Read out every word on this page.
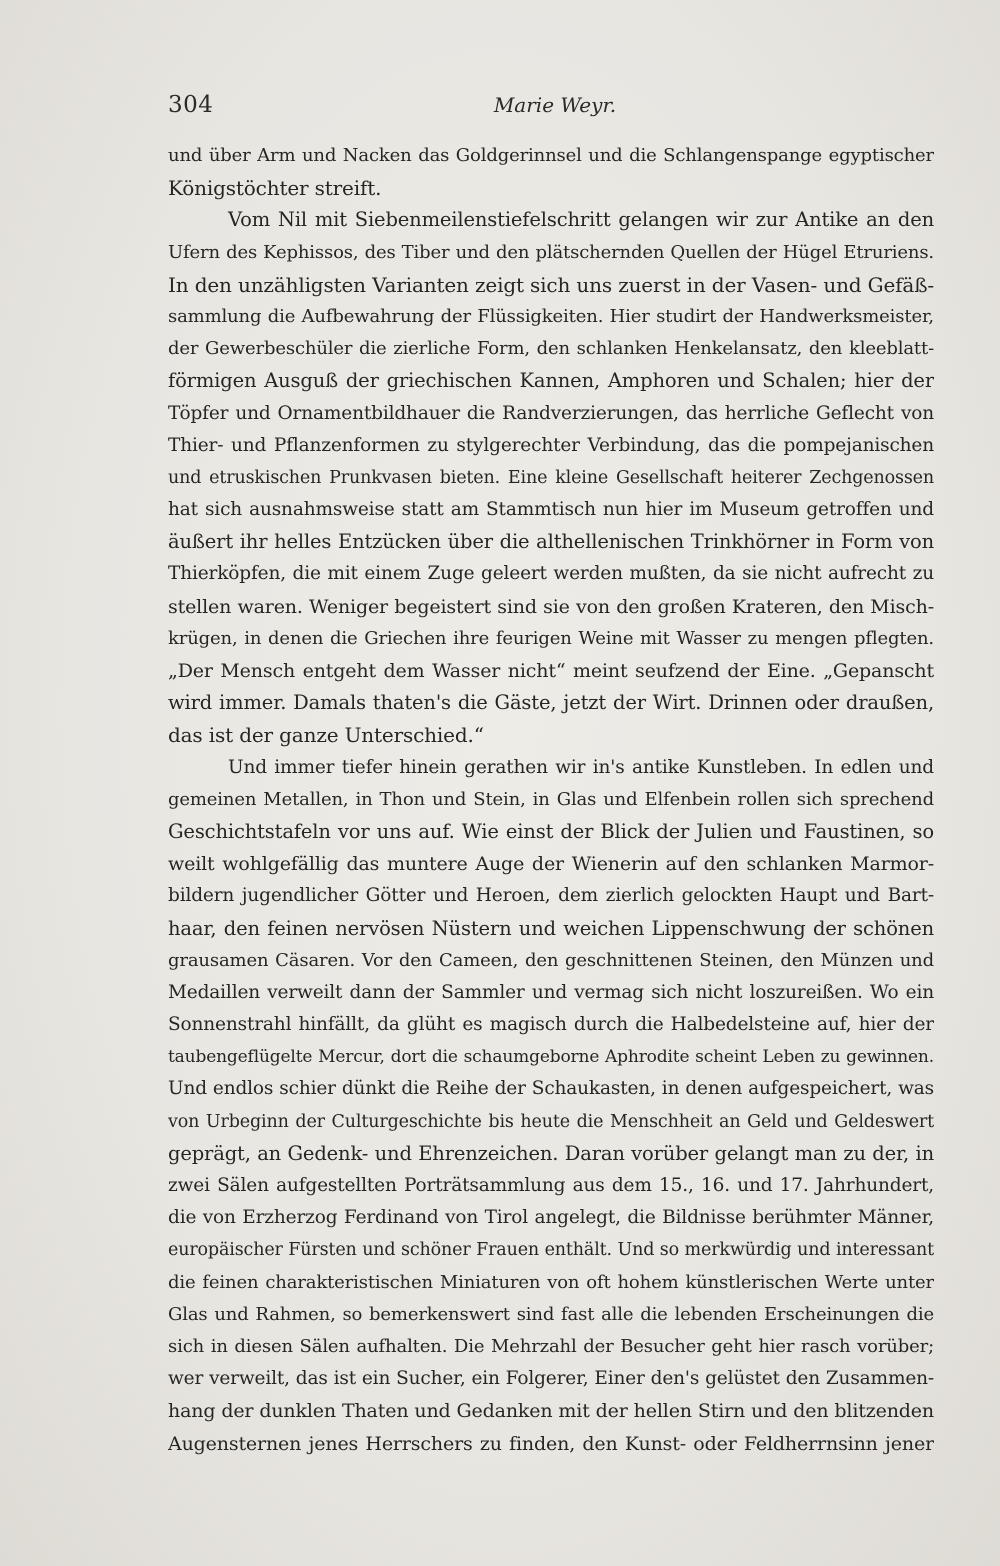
304	Marie Weyr.
und über Arm und Nacken das Goldgerinnsel und die Schlangenspange egyptischer
Königstöchter streift.
Vom Nil mit Siebenmeilenstiefelschritt gelangen wir zur Antike an den
Ufern des Kephissos, des Tiber und den plätschernden Quellen der Hügel Etruriens.
In den unzähligsten Varianten zeigt sich uns zuerst in der Vasen- und Gefäß-
sammlung die Aufbewahrung der Flüssigkeiten. Hier studirt der Handwerksmeister,
der Gewerbeschüler die zierliche Form, den schlanken Henkelansatz, den kleeblatt-
förmigen Ausguß der griechischen Kannen, Amphoren und Schalen; hier der
Töpfer und Ornamentbildhauer die Randverzierungen, das herrliche Geflecht von
Thier- und Pflanzenformen zu stylgerechter Verbindung, das die pompejanischen
und etruskischen Prunkvasen bieten. Eine kleine Gesellschaft heiterer Zechgenossen
hat sich ausnahmsweise statt am Stammtisch nun hier im Museum getroffen und
äußert ihr helles Entzücken über die althellenischen Trinkhörner in Form von
Thierköpfen, die mit einem Zuge geleert werden mußten, da sie nicht aufrecht zu
stellen waren. Weniger begeistert sind sie von den großen Krateren, den Misch-
krügen, in denen die Griechen ihre feurigen Weine mit Wasser zu mengen pflegten.
„Der Mensch entgeht dem Wasser nicht“ meint seufzend der Eine. „Gepanscht
wird immer. Damals thaten's die Gäste, jetzt der Wirt. Drinnen oder draußen,
das ist der ganze Unterschied.“
Und immer tiefer hinein gerathen wir in's antike Kunstleben. In edlen und
gemeinen Metallen, in Thon und Stein, in Glas und Elfenbein rollen sich sprechend
Geschichtstafeln vor uns auf. Wie einst der Blick der Julien und Faustinen, so
weilt wohlgefällig das muntere Auge der Wienerin auf den schlanken Marmor-
bildern jugendlicher Götter und Heroen, dem zierlich gelockten Haupt und Bart-
haar, den feinen nervösen Nüstern und weichen Lippenschwung der schönen
grausamen Cäsaren. Vor den Cameen, den geschnittenen Steinen, den Münzen und
Medaillen verweilt dann der Sammler und vermag sich nicht loszureißen. Wo ein
Sonnenstrahl hinfällt, da glüht es magisch durch die Halbedelsteine auf, hier der
taubengeflügelte Mercur, dort die schaumgeborne Aphrodite scheint Leben zu gewinnen.
Und endlos schier dünkt die Reihe der Schaukasten, in denen aufgespeichert, was
von Urbeginn der Culturgeschichte bis heute die Menschheit an Geld und Geldeswert
geprägt, an Gedenk- und Ehrenzeichen. Daran vorüber gelangt man zu der, in
zwei Sälen aufgestellten Porträtsammlung aus dem 15., 16. und 17. Jahrhundert,
die von Erzherzog Ferdinand von Tirol angelegt, die Bildnisse berühmter Männer,
europäischer Fürsten und schöner Frauen enthält. Und so merkwürdig und interessant
die feinen charakteristischen Miniaturen von oft hohem künstlerischen Werte unter
Glas und Rahmen, so bemerkenswert sind fast alle die lebenden Erscheinungen die
sich in diesen Sälen aufhalten. Die Mehrzahl der Besucher geht hier rasch vorüber;
wer verweilt, das ist ein Sucher, ein Folgerer, Einer den's gelüstet den Zusammen-
hang der dunklen Thaten und Gedanken mit der hellen Stirn und den blitzenden
Augensternen jenes Herrschers zu finden, den Kunst- oder Feldherrnsinn jener
